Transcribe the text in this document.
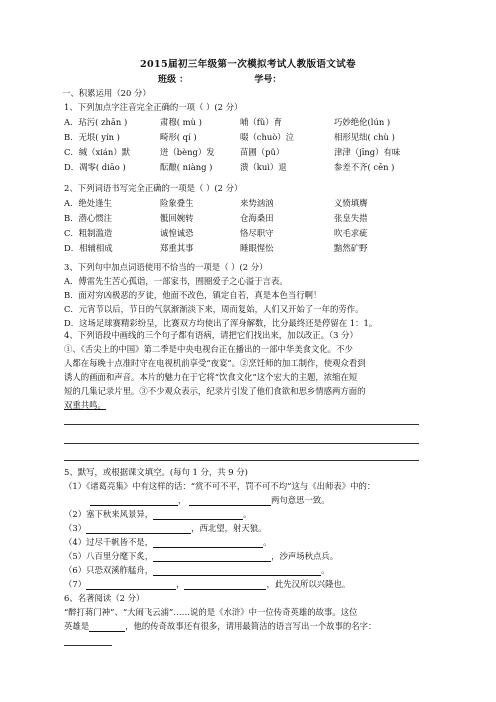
2015届初三年级第一次模拟考试人教版语文试卷
班级 ：	学号：
一、积累运用（20 分）
1、下列加点字注音完全正确的一项（ ）(2 分）
A．玷污( zhān )	肃穆( mù )	哺（fǔ）育	巧妙绝伦(lún )
B．无垠( yín )	畸形( qí )	啜（chuò）泣	相形见绌( chù )
C．缄（xián）默	迸（bèng）发	苗圃（pǔ）	津津（jīng）有味
D．凋零( diāo )	酝酿( niàng )	溃（kuì）退	参差不齐( cēn )
2、下列词语书写完全正确的一项是（ ）(2 分）
A．绝处逢生	险象叠生	来势汹汹	义愤填膺
B．潜心惯注	骶回婉转	仓海桑田	张皇失措
C．粗制滥造	诚惶诚恐	恪尽职守	吹毛求疵
D．相辅相成	郑重其事	睡眼惺忪	黯然矿野
3、下列句中加点词语使用不恰当的一项是（ ）(2 分）
A．傅雷先生苦心孤诣，一部家书，囿圈爱子之心溢于言表。
B．面对穷凶极恶的歹徒，他面不改色，镇定自若，真是本色当行啊！
C．元宵节以后，节日的气氛渐渐淡下来，周而复始，人们又开始了一年的劳作。
D．这场足球赛精彩纷呈，比赛双方均使出了浑身解数，比分最终还是停留在 1：1。
4、下列语段中画线的三个句子都有语病，请把它们找出来，加以改正。（3 分）
①、《舌尖上的中国》第二季是中央电视台正在播出的一部中华美食文化。不少
人都在每晚十点准时守在电视机前享受“夜宴”。②烹饪师的加工制作，使观众看到
诱人的画面和声音。本片的魅力在于它将“饮食文化”这个宏大的主题，浓缩在短
短的几集记录片里。③不少观众表示，纪录片引发了他们食欲和思乡情感两方面的
双重共鸣。
5、默写，或根据课文填空。(每句 1 分，共 9 分)
（1）《诸葛亮集》中有这样的话：“赏不可不平，罚不可不均”这与《出师表》中的：
，	两句意思一致。
（2）塞下秋来风景异，	。
（3）	，西北望，射天狼。
（4）过尽千帆皆不是，	。
（5）八百里分麾下炙，	，沙声场秋点兵。
（6）只恐双溪舴艋舟，	。
（7）	，	，此先汉所以兴隆也。
6、名著阅读（2 分）
“醉打蒋门神”、“大闹飞云浦”……说的是《水浒》中一位传奇英雄的故事。这位
英雄是	，他的传奇故事还有很多，请用最简洁的语言写出一个故事的名字：
